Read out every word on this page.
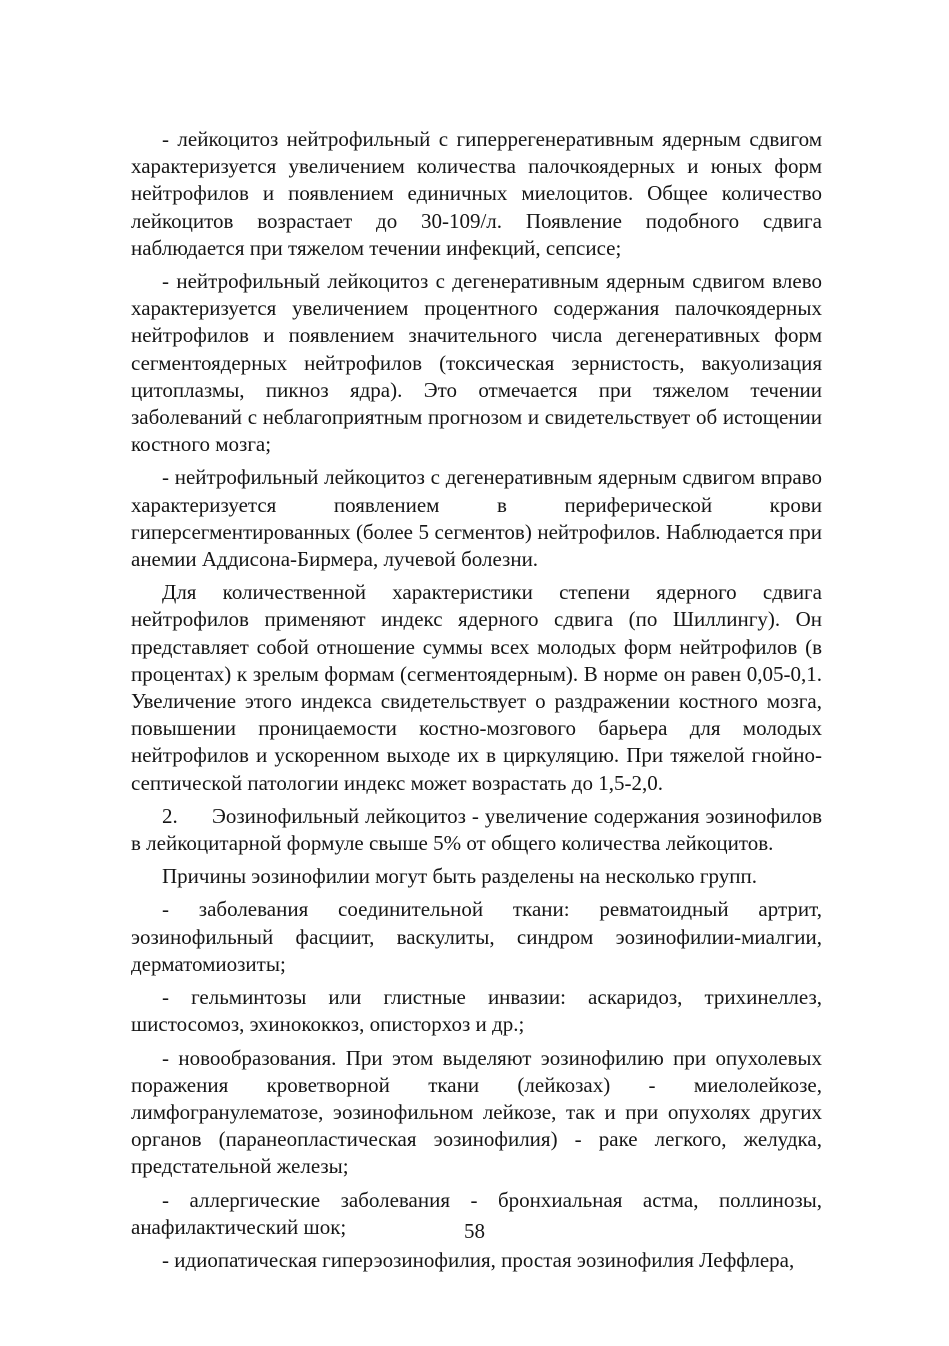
- лейкоцитоз нейтрофильный с гиперрегенеративным ядерным сдвигом характеризуется увеличением количества палочкоядерных и юных форм нейтрофилов и появлением единичных миелоцитов. Общее количество лейкоцитов возрастает до 30-109/л. Появление подобного сдвига наблюдается при тяжелом течении инфекций, сепсисе;

- нейтрофильный лейкоцитоз с дегенеративным ядерным сдвигом влево характеризуется увеличением процентного содержания палочкоядерных нейтрофилов и появлением значительного числа дегенеративных форм сегментоядерных нейтрофилов (токсическая зернистость, вакуолизация цитоплазмы, пикноз ядра). Это отмечается при тяжелом течении заболеваний с неблагоприятным прогнозом и свидетельствует об истощении костного мозга;

- нейтрофильный лейкоцитоз с дегенеративным ядерным сдвигом вправо характеризуется появлением в периферической крови гиперсегментированных (более 5 сегментов) нейтрофилов. Наблюдается при анемии Аддисона-Бирмера, лучевой болезни.

Для количественной характеристики степени ядерного сдвига нейтрофилов применяют индекс ядерного сдвига (по Шиллингу). Он представляет собой отношение суммы всех молодых форм нейтрофилов (в процентах) к зрелым формам (сегментоядерным). В норме он равен 0,05-0,1. Увеличение этого индекса свидетельствует о раздражении костного мозга, повышении проницаемости костно-мозгового барьера для молодых нейтрофилов и ускоренном выходе их в циркуляцию. При тяжелой гнойно-септической патологии индекс может возрастать до 1,5-2,0.

2. Эозинофильный лейкоцитоз - увеличение содержания эозинофилов в лейкоцитарной формуле свыше 5% от общего количества лейкоцитов.

Причины эозинофилии могут быть разделены на несколько групп.

- заболевания соединительной ткани: ревматоидный артрит, эозинофильный фасциит, васкулиты, синдром эозинофилии-миалгии, дерматомиозиты;

- гельминтозы или глистные инвазии: аскаридоз, трихинеллез, шистосомоз, эхинококкоз, описторхоз и др.;

- новообразования. При этом выделяют эозинофилию при опухолевых поражения кроветворной ткани (лейкозах) - миелолейкозе, лимфогранулематозе, эозинофильном лейкозе, так и при опухолях других органов (паранеопластическая эозинофилия) - раке легкого, желудка, предстательной железы;

- аллергические заболевания - бронхиальная астма, поллинозы, анафилактический шок;

- идиопатическая гиперэозинофилия, простая эозинофилия Леффлера,

58
